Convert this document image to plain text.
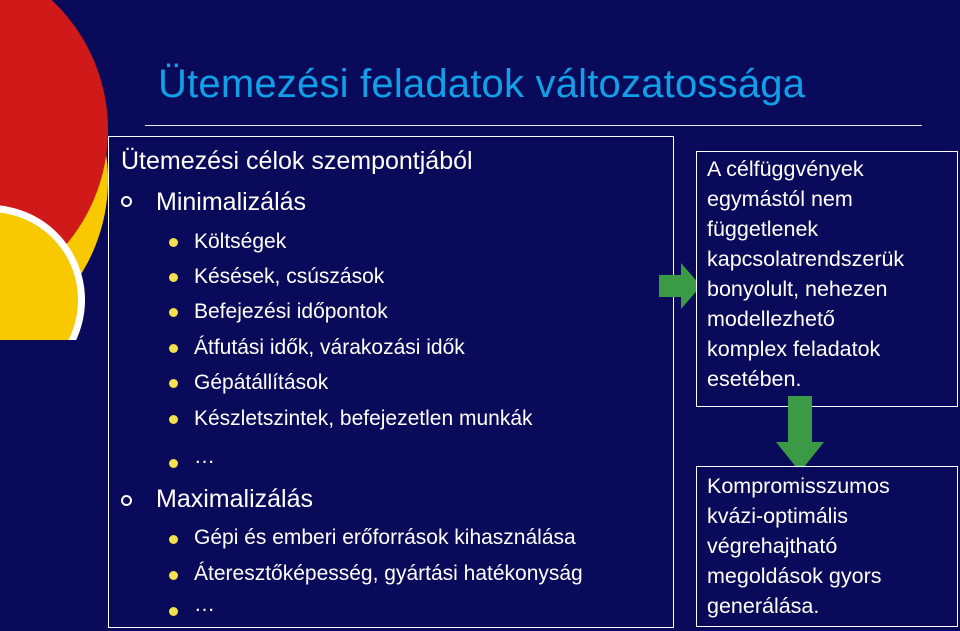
Ütemezési feladatok változatossága
Ütemezési célok szempontjából
Minimalizálás
Költségek
Késések, csúszások
Befejezési időpontok
Átfutási idők, várakozási idők
Gépátállítások
Készletszintek, befejezetlen munkák
…
Maximalizálás
Gépi és emberi erőforrások kihasználása
Áteresztőképesség, gyártási hatékonyság
…
A célfüggvények
egymástól nem
függetlenek
kapcsolatrendszerük
bonyolult, nehezen
modellezhető
komplex feladatok
esetében.
Kompromisszumos
kvázi-optimális
végrehajtható
megoldások gyors
generálása.
